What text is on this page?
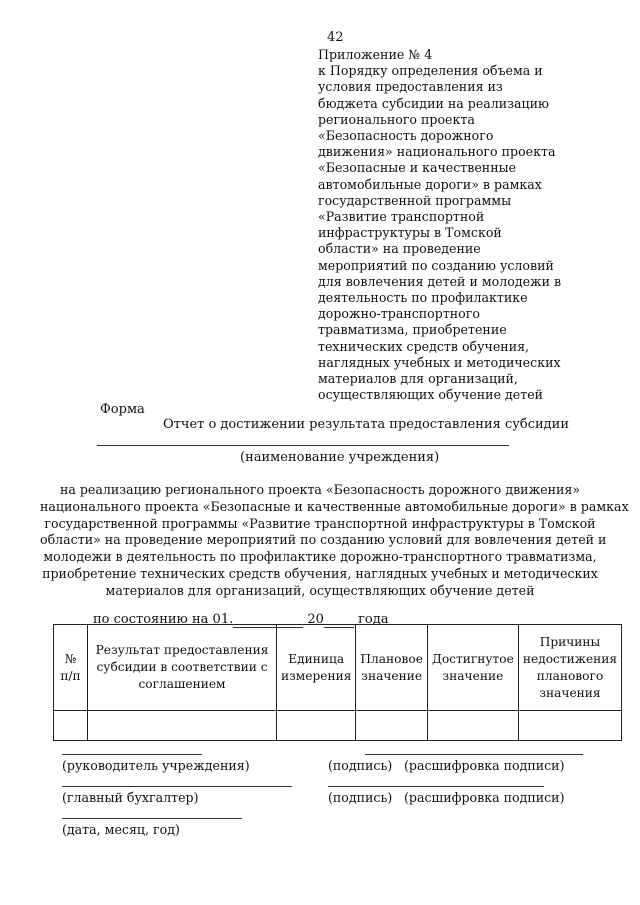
42
Приложение № 4
к Порядку определения объема и
условия предоставления из
бюджета субсидии на реализацию
регионального проекта
«Безопасность дорожного
движения» национального проекта
«Безопасные и качественные
автомобильные дороги» в рамках
государственной программы
«Развитие транспортной
инфраструктуры в Томской
области» на проведение
мероприятий по созданию условий
для вовлечения детей и молодежи в
деятельность по профилактике
дорожно-транспортного
травматизма, приобретение
технических средств обучения,
наглядных учебных и методических
материалов для организаций,
осуществляющих обучение детей
Форма
Отчет о достижении результата предоставления субсидии
(наименование учреждения)
на реализацию регионального проекта «Безопасность дорожного движения»
национального проекта «Безопасные и качественные автомобильные дороги» в рамках
государственной программы «Развитие транспортной инфраструктуры в Томской
области» на проведение мероприятий по созданию условий для вовлечения детей и
молодежи в деятельность по профилактике дорожно-транспортного травматизма,
приобретение технических средств обучения, наглядных учебных и методических
материалов для организаций, осуществляющих обучение детей
по состоянию на 01.	20	года
№ п/п	Результат предоставления субсидии в соответствии с соглашением	Единица измерения	Плановое значение	Достигнутое значение	Причины недостижения планового значения

(руководитель учреждения)	(подпись) (расшифровка подписи)
(главный бухгалтер)	(подпись) (расшифровка подписи)
(дата, месяц, год)
